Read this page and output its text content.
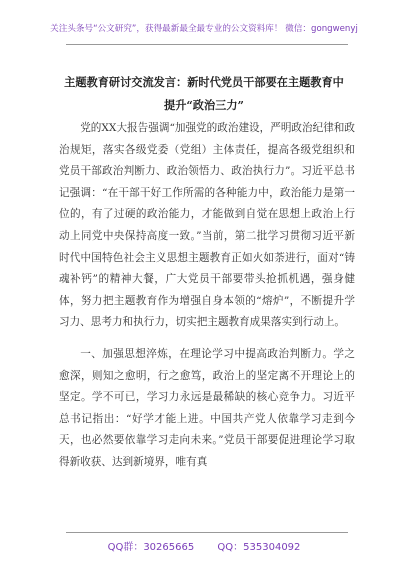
关注头条号“公文研究”，获得最新最全最专业的公文资料库！ 微信：gongwenyj
主题教育研讨交流发言：新时代党员干部要在主题教育中
提升“政治三力”

党的XX大报告强调“加强党的政治建设，严明政治纪律和政治规矩，落实各级党委（党组）主体责任，提高各级党组织和党员干部政治判断力、政治领悟力、政治执行力”。习近平总书记强调：“在干部干好工作所需的各种能力中，政治能力是第一位的，有了过硬的政治能力，才能做到自觉在思想上政治上行动上同党中央保持高度一致。”当前，第二批学习贯彻习近平新时代中国特色社会主义思想主题教育正如火如荼进行，面对“铸魂补钙”的精神大餐，广大党员干部要带头抢抓机遇，强身健体，努力把主题教育作为增强自身本领的“熔炉”，不断提升学习力、思考力和执行力，切实把主题教育成果落实到行动上。

一、加强思想淬炼，在理论学习中提高政治判断力。学之愈深，则知之愈明，行之愈笃，政治上的坚定离不开理论上的坚定。学不可已，学习力永远是最稀缺的核心竞争力。习近平总书记指出：“好学才能上进。中国共产党人依靠学习走到今天，也必然要依靠学习走向未来。”党员干部要促进理论学习取得新收获、达到新境界，唯有真

QQ群：30265665 QQ：535304092
